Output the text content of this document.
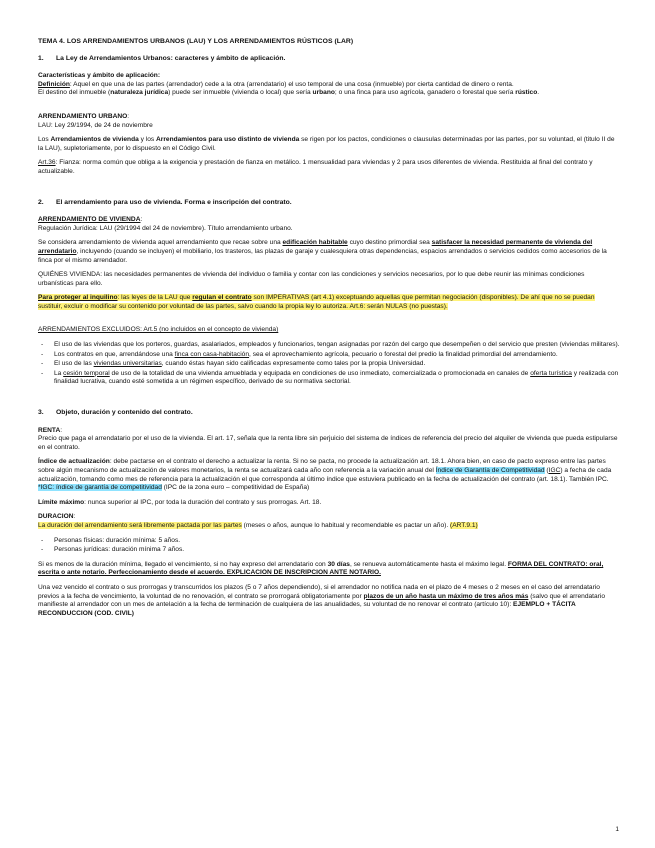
TEMA 4. LOS ARRENDAMIENTOS URBANOS (LAU) Y LOS ARRENDAMIENTOS RÚSTICOS (LAR)
1. La Ley de Arrendamientos Urbanos: caracteres y ámbito de aplicación.
Características y ámbito de aplicación:
Definición: Aquel en que una de las partes (arrendador) cede a la otra (arrendatario) el uso temporal de una cosa (inmueble) por cierta cantidad de dinero o renta.
El destino del inmueble (naturaleza jurídica) puede ser inmueble (vivienda o local) que sería urbano; o una finca para uso agrícola, ganadero o forestal que sería rústico.
ARRENDAMIENTO URBANO:
LAU: Ley 29/1994, de 24 de noviembre

Los Arrendamientos de vivienda y los Arrendamientos para uso distinto de vivienda se rigen por los pactos, condiciones o clausulas determinadas por las partes, por su voluntad, el (titulo II de la LAU), supletoriamente, por lo dispuesto en el Código Civil.

Art.36: Fianza: norma común que obliga a la exigencia y prestación de fianza en metálico. 1 mensualidad para viviendas y 2 para usos diferentes de vivienda. Restituida al final del contrato y actualizable.

2. El arrendamiento para uso de vivienda. Forma e inscripción del contrato.
ARRENDAMIENTO DE VIVIENDA:
Regulación Jurídica: LAU (29/1994 del 24 de noviembre). Título arrendamiento urbano.

Se considera arrendamiento de vivienda aquel arrendamiento que recae sobre una edificación habitable cuyo destino primordial sea satisfacer la necesidad permanente de vivienda del arrendatario, incluyendo (cuando se incluyen) el mobiliario, los trasteros, las plazas de garaje y cualesquiera otras dependencias, espacios arrendados o servicios cedidos como accesorios de la finca por el mismo arrendador.

QUIÉNES VIVIENDA: las necesidades permanentes de vivienda del individuo o familia y contar con las condiciones y servicios necesarios, por lo que debe reunir las mínimas condiciones urbanísticas para ello.

Para proteger al inquilino: las leyes de la LAU que regulan el contrato son IMPERATIVAS (art 4.1) exceptuando aquellas que permitan negociación (disponibles). De ahí que no se puedan sustituir, excluir o modificar su contenido por voluntad de las partes, salvo cuando la propia ley lo autoriza. Art.6: serán NULAS (no puestas).

ARRENDAMIENTOS EXCLUIDOS: Art.5 (no incluidos en el concepto de vivienda)

- El uso de las viviendas que los porteros, guardas, asalariados, empleados y funcionarios, tengan asignadas por razón del cargo que desempeñen o del servicio que presten (viviendas militares).
- Los contratos en que, arrendándose una finca con casa-habitación, sea el aprovechamiento agrícola, pecuario o forestal del predio la finalidad primordial del arrendamiento.
- El uso de las viviendas universitarias, cuando éstas hayan sido calificadas expresamente como tales por la propia Universidad.
- La cesión temporal de uso de la totalidad de una vivienda amueblada y equipada en condiciones de uso inmediato, comercializada o promocionada en canales de oferta turística y realizada con finalidad lucrativa, cuando esté sometida a un régimen específico, derivado de su normativa sectorial.
3. Objeto, duración y contenido del contrato.
RENTA:
Precio que paga el arrendatario por el uso de la vivienda. El art. 17, señala que la renta libre sin perjuicio del sistema de índices de referencia del precio del alquiler de vivienda que pueda estipularse en el contrato.
Índice de actualización: debe pactarse en el contrato el derecho a actualizar la renta. Si no se pacta, no procede la actualización art. 18.1. Ahora bien, en caso de pacto expreso entre las partes sobre algún mecanismo de actualización de valores monetarios, la renta se actualizará cada año con referencia a la variación anual del Índice de Garantía de Competitividad (IGC) a fecha de cada actualización, tomando como mes de referencia para la actualización el que corresponda al último índice que estuviera publicado en la fecha de actualización del contrato (art. 18.1). También IPC.
*IGC: índice de garantía de competitividad (IPC de la zona euro – competitividad de España)

Límite máximo: nunca superior al IPC, por toda la duración del contrato y sus prorrogas. Art. 18.

DURACION:
La duración del arrendamiento será libremente pactada por las partes (meses o años, aunque lo habitual y recomendable es pactar un año). (ART.9.1)
- Personas físicas: duración mínima: 5 años.
- Personas jurídicas: duración mínima 7 años.

Si es menos de la duración mínima, llegado el vencimiento, si no hay expreso del arrendatario con 30 días, se renueva automáticamente hasta el máximo legal. FORMA DEL CONTRATO: oral, escrita o ante notario. Perfeccionamiento desde el acuerdo. EXPLICACION DE INSCRIPCION ANTE NOTARIO.

Una vez vencido el contrato o sus prorrogas y transcurridos los plazos (5 o 7 años dependiendo), si el arrendador no notifica nada en el plazo de 4 meses o 2 meses en el caso del arrendatario previos a la fecha de vencimiento, la voluntad de no renovación, el contrato se prorrogará obligatoriamente por plazos de un año hasta un máximo de tres años más (salvo que el arrendatario manifieste al arrendador con un mes de antelación a la fecha de terminación de cualquiera de las anualidades, su voluntad de no renovar el contrato (artículo 10): EJEMPLO + TÁCITA RECONDUCCION (COD. CIVIL)

1
